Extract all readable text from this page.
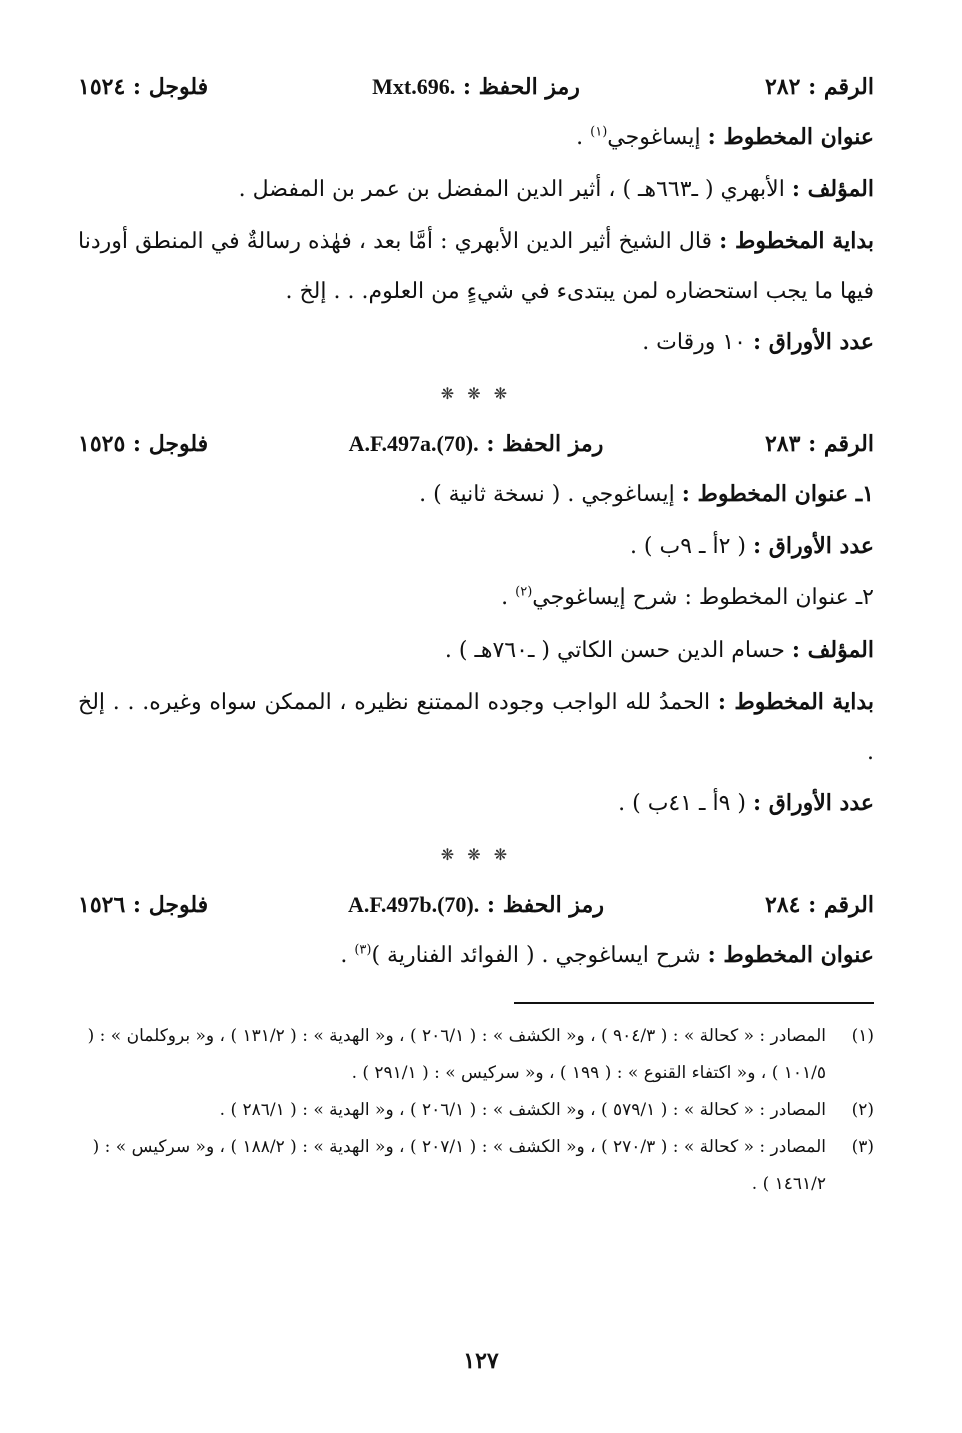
الرقم : ٢٨٢
رمز الحفظ : Mxt.696.
فلوجل : ١٥٢٤
عنوان المخطوط : إيساغوجي$^{(١)}$ .
المؤلف : الأبهري ( ـ٦٦٣هـ ) ، أثير الدين المفضل بن عمر بن المفضل .
بداية المخطوط : قال الشيخ أثير الدين الأبهري : أمَّا بعد ، فهٰذه رسالةٌ في المنطق أوردنا فيها ما يجب استحضاره لمن يبتدىء في شيءٍ من العلوم. . . إلخ .
عدد الأوراق : ١٠ ورقات .
❋ ❋ ❋
الرقم : ٢٨٣
رمز الحفظ : A.F.497a.(70).
فلوجل : ١٥٢٥
١ـ عنوان المخطوط : إيساغوجي . ( نسخة ثانية ) .
عدد الأوراق : ( ٢أ ـ ٩ب ) .
٢ـ عنوان المخطوط : شرح إيساغوجي$^{(٢)}$ .
المؤلف : حسام الدين حسن الكاتي ( ـ٧٦٠هـ ) .
بداية المخطوط : الحمدُ لله الواجب وجوده الممتنع نظيره ، الممكن سواه وغيره. . . إلخ .
عدد الأوراق : ( ٩أ ـ ٤١ب ) .
❋ ❋ ❋
الرقم : ٢٨٤
رمز الحفظ : A.F.497b.(70).
فلوجل : ١٥٢٦
عنوان المخطوط : شرح ايساغوجي . ( الفوائد الفنارية )$^{(٣)}$ .
(١)
المصادر : « كحالة » : ( ٩٠٤/٣ ) ، و« الكشف » : ( ٢٠٦/١ ) ، و« الهدية » : ( ١٣١/٢ ) ، و« بروكلمان » : ( ١٠١/٥ ) ، و« اكتفاء القنوع » : ( ١٩٩ ) ، و« سركيس » : ( ٢٩١/١ ) .
(٢)
المصادر : « كحالة » : ( ٥٧٩/١ ) ، و« الكشف » : ( ٢٠٦/١ ) ، و« الهدية » : ( ٢٨٦/١ ) .
(٣)
المصادر : « كحالة » : ( ٢٧٠/٣ ) ، و« الكشف » : ( ٢٠٧/١ ) ، و« الهدية » : ( ١٨٨/٢ ) ، و« سركيس » : ( ١٤٦١/٢ ) .
١٢٧
